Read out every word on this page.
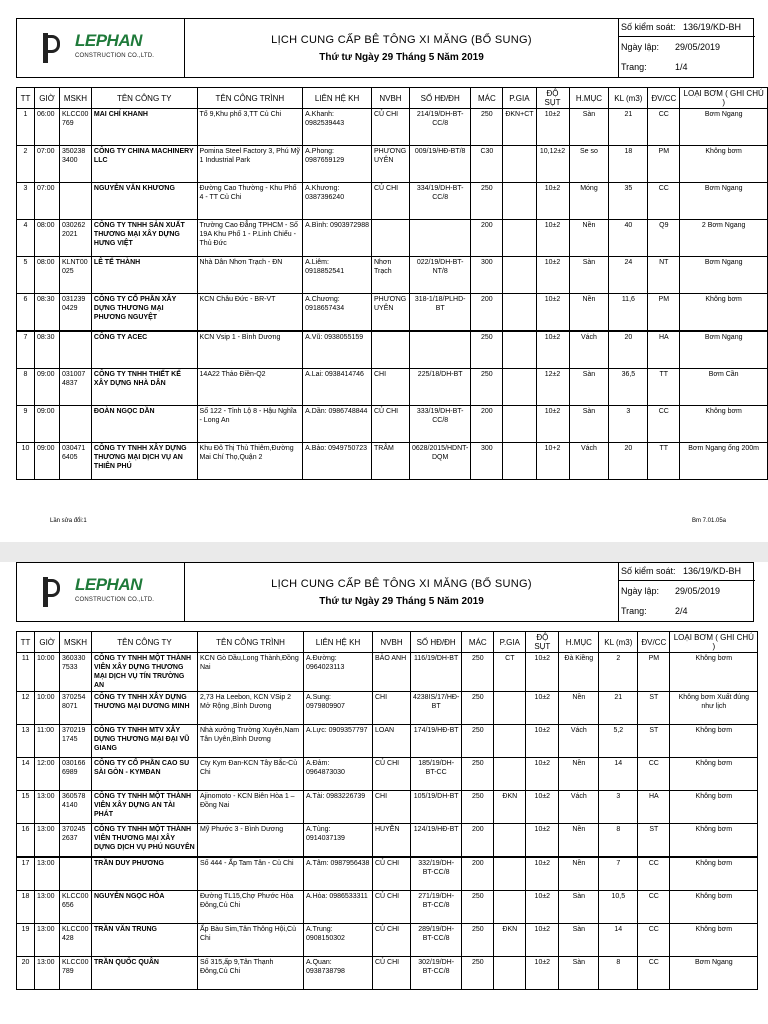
LEPHAN
CONSTRUCTION CO.,LTD.
LỊCH CUNG CẤP BÊ TÔNG XI MĂNG (BỔ SUNG)
Thứ tư Ngày 29 Tháng 5 Năm 2019
Số kiểm soát: 136/19/KD-BH
Ngày lập: 29/05/2019
Trang:	1/4
TT	GIỜ	MSKH	TÊN CÔNG TY	TÊN CÔNG TRÌNH	LIÊN HỆ KH	NVBH	SỐ HĐ/ĐH	MÁC	P.GIA	ĐỘ SỤT	H.MỤC	KL (m3)	ĐV/CC	LOẠI BƠM ( GHI CHÚ )
1	06:00	KLCC00 769	MAI CHÍ KHANH	Tổ 9,Khu phố 3,TT Củ Chi	A.Khanh: 0982539443	CỦ CHI	214/19/DH-BT-CC/8	250	ĐKN+CT	10±2	Sàn	21	CC	Bơm Ngang
2	07:00	350238 3400	CÔNG TY CHINA MACHINERY LLC	Pomina Steel Factory 3, Phú Mỹ 1 Industrial Park	A.Phong: 0987659129	PHƯƠNG UYÊN	009/19/HĐ-BT/8	C30		10,12±2	Se so	18	PM	Không bơm
3	07:00		NGUYỄN VĂN KHƯƠNG	Đường Cao Thường - Khu Phố 4 - TT Củ Chi	A.Khương: 0387396240	CỦ CHI	334/19/DH-BT-CC/8	250		10±2	Móng	35	CC	Bơm Ngang
4	08:00	030262 2021	CÔNG TY TNHH SẢN XUẤT THƯƠNG MẠI XÂY DỰNG HƯNG VIỆT	Trường Cao Đẳng TPHCM - Số 19A Khu Phố 1 - P.Linh Chiểu - Thủ Đức	A.Bình: 0903972988			200		10±2	Nền	40	Q9	2 Bơm Ngang
5	08:00	KLNT00 025	LÊ TẾ THÀNH	Nhà Dân Nhơn Trạch - ĐN	A.Liêm: 0918852541	Nhơn Trạch	022/19/DH-BT-NT/8	300		10±2	Sàn	24	NT	Bơm Ngang
6	08:30	031239 0429	CÔNG TY CỔ PHẦN XÂY DỰNG THƯƠNG MẠI PHƯƠNG NGUYỆT	KCN Châu Đức - BR-VT	A.Chương: 0918657434	PHƯƠNG UYÊN	318-1/18/PLHD-BT	200		10±2	Nền	11,6	PM	Không bơm
7	08:30		CÔNG TY ACEC	KCN Vsip 1 - Bình Dương	A.Vũ: 0938055159			250		10±2	Vách	20	HA	Bơm Ngang
8	09:00	031007 4837	CÔNG TY TNHH THIẾT KẾ XÂY DỰNG NHÀ DÂN	14A22 Thảo Điền-Q2	A.Lai: 0938414746	CHI	225/18/DH-BT	250		12±2	Sàn	36,5	TT	Bơm Cần
9	09:00		ĐOÀN NGỌC DẦN	Số 122 - Tỉnh Lộ 8 - Hậu Nghĩa - Long An	A.Dần: 0986748844	CỦ CHI	333/19/DH-BT-CC/8	200		10±2	Sàn	3	CC	Không bơm
10	09:00	030471 6405	CÔNG TY TNHH XÂY DỰNG THƯƠNG MẠI DỊCH VỤ AN THIÊN PHÚ	Khu Đô Thị Thủ Thiêm,Đường Mai Chí Thọ,Quận 2	A.Bảo: 0949750723	TRÂM	0628/2015/HDNT-DQM	300		10+2	Vách	20	TT	Bơm Ngang ống 200m
Lần sửa đổi:1	Bm 7.01.05a
LEPHAN
CONSTRUCTION CO.,LTD.
LỊCH CUNG CẤP BÊ TÔNG XI MĂNG (BỔ SUNG)
Thứ tư Ngày 29 Tháng 5 Năm 2019
Số kiểm soát: 136/19/KD-BH
Ngày lập: 29/05/2019
Trang:	2/4
TT	GIỜ	MSKH	TÊN CÔNG TY	TÊN CÔNG TRÌNH	LIÊN HỆ KH	NVBH	SỐ HĐ/ĐH	MÁC	P.GIA	ĐỘ SỤT	H.MỤC	KL (m3)	ĐV/CC	LOẠI BƠM ( GHI CHÚ )
11	10:00	360330 7533	CÔNG TY TNHH MỘT THÀNH VIÊN XÂY DỰNG THƯƠNG MẠI DỊCH VỤ TÍN TRƯỜNG AN	KCN Gò Dầu,Long Thành,Đồng Nai	A.Đường: 0964023113	BẢO ANH	116/19/DH-BT	250	CT	10±2	Đà Kiềng	2	PM	Không bơm
12	10:00	370254 8071	CÔNG TY TNHH XÂY DỰNG THƯƠNG MẠI DƯƠNG MINH	2,73 Ha Leebon, KCN VSip 2 Mở Rộng ,Bình Dương	A.Sung: 0979809907	CHI	4238IS/17/HĐ-BT	250		10±2	Nền	21	ST	Không bơm Xuất đúng như lịch
13	11:00	370219 1745	CÔNG TY TNHH MTV XÂY DỰNG THƯƠNG MẠI ĐẠI VŨ GIANG	Nhà xưởng Trường Xuyên,Nam Tân Uyên,Bình Dương	A.Lực: 0909357797	LOAN	174/19/HĐ-BT	250		10±2	Vách	5,2	ST	Không bơm
14	12:00	030166 6989	CÔNG TY CỔ PHẦN CAO SU SÀI GÒN - KYMĐAN	Cty Kym Đan-KCN Tây Bắc-Củ Chi	A.Đảm: 0964873030	CỦ CHI	185/19/DH-BT-CC	250		10±2	Nền	14	CC	Không bơm
15	13:00	360578 4140	CÔNG TY TNHH MỘT THÀNH VIÊN XÂY DỰNG AN TÀI PHÁT	Ajinomoto - KCN Biên Hòa 1 – Đồng Nai	A.Tài: 0983226739	CHI	105/19/DH-BT	250	ĐKN	10±2	Vách	3	HA	Không bơm
16	13:00	370245 2637	CÔNG TY TNHH MỘT THÀNH VIÊN THƯƠNG MẠI XÂY DỰNG DỊCH VỤ PHÚ NGUYÊN	Mỹ Phước 3 - Bình Dương	A.Tùng: 0914037139	HUYỀN	124/19/HĐ-BT	200		10±2	Nền	8	ST	Không bơm
17	13:00		TRẦN DUY PHƯƠNG	Số 444 - Ấp Tam Tân - Củ Chi	A.Tâm: 0987956438	CỦ CHI	332/19/DH-BT-CC/8	200		10±2	Nền	7	CC	Không bơm
18	13:00	KLCC00 656	NGUYỄN NGỌC HÒA	Đường TL15,Chợ Phước Hòa Đông,Củ Chi	A.Hòa: 0986533311	CỦ CHI	271/19/DH-BT-CC/8	250		10±2	Sàn	10,5	CC	Không bơm
19	13:00	KLCC00 428	TRẦN VĂN TRUNG	Ấp Bàu Sim,Tân Thông Hội,Củ Chi	A.Trung: 0908150302	CỦ CHI	289/19/DH-BT-CC/8	250	ĐKN	10±2	Sàn	14	CC	Không bơm
20	13:00	KLCC00 789	TRẦN QUỐC QUÂN	Số 315,ấp 9,Tân Thạnh Đông,Củ Chi	A.Quan: 0938738798	CỦ CHI	302/19/DH-BT-CC/8	250		10±2	Sàn	8	CC	Bơm Ngang
